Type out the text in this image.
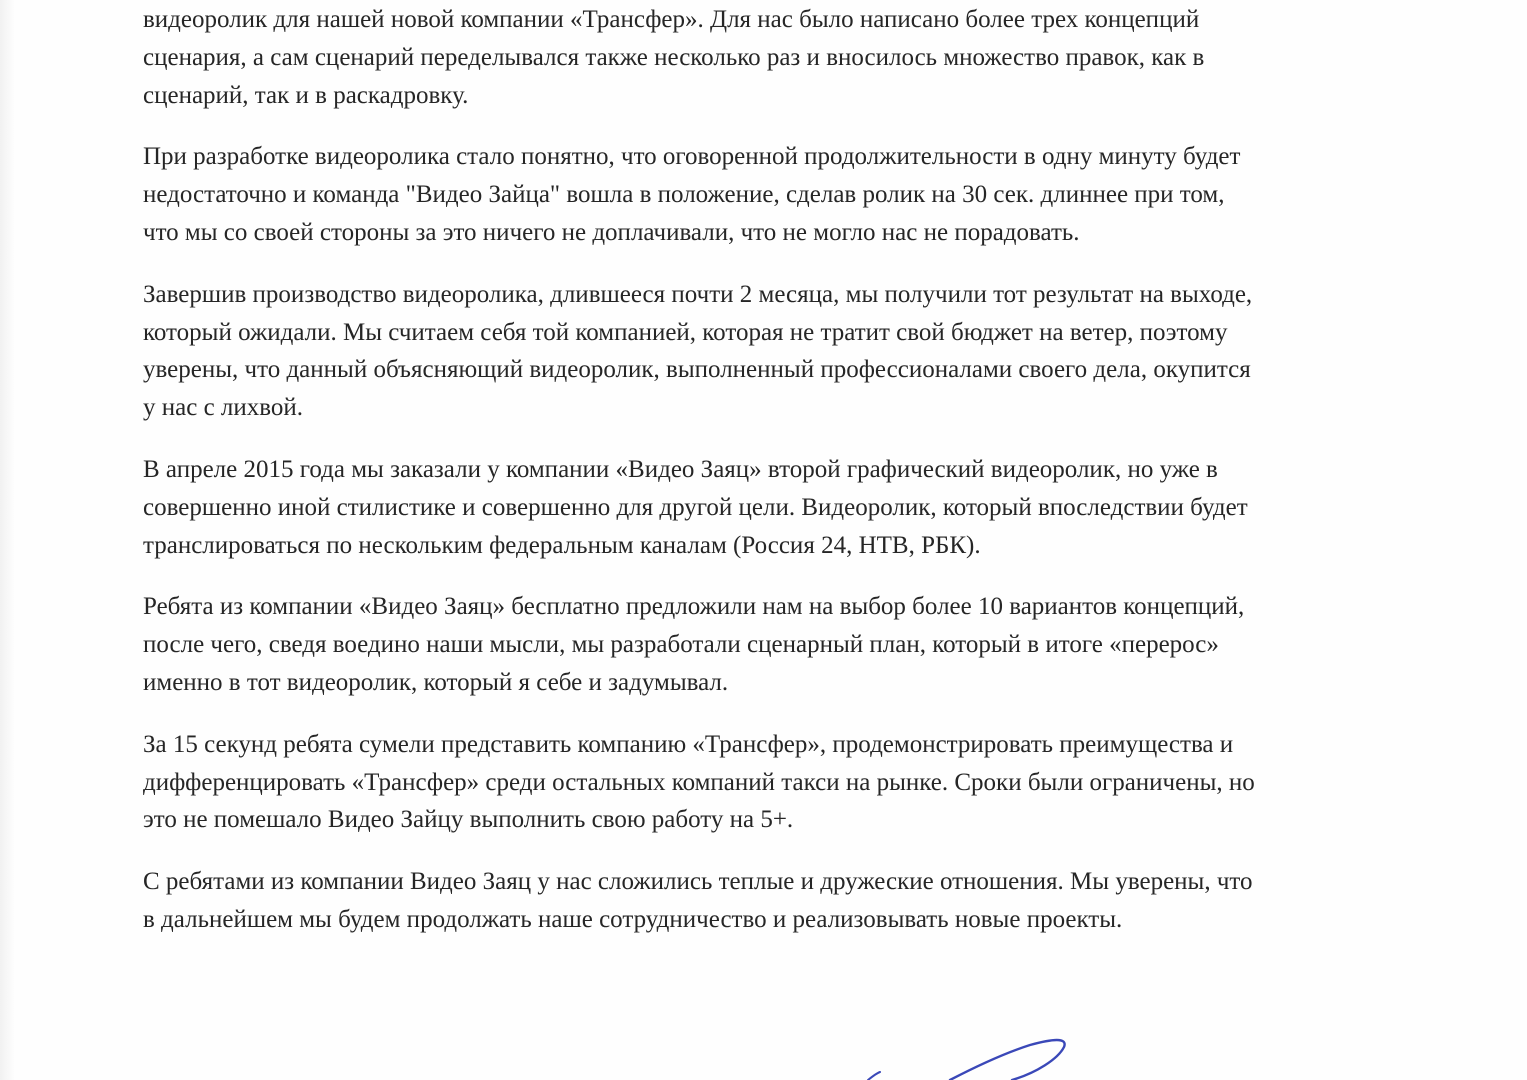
видеоролик для нашей новой компании «Трансфер». Для нас было написано более трех концепций
сценария, а сам сценарий переделывался также несколько раз и вносилось множество правок, как в
сценарий, так и в раскадровку.

При разработке видеоролика стало понятно, что оговоренной продолжительности в одну минуту будет
недостаточно и команда "Видео Зайца" вошла в положение, сделав ролик на 30 сек. длиннее при том,
что мы со своей стороны за это ничего не доплачивали, что не могло нас не порадовать.

Завершив производство видеоролика, длившееся почти 2 месяца, мы получили тот результат на выходе,
который ожидали. Мы считаем себя той компанией, которая не тратит свой бюджет на ветер, поэтому
уверены, что данный объясняющий видеоролик, выполненный профессионалами своего дела, окупится
у нас с лихвой.

В апреле 2015 года мы заказали у компании «Видео Заяц» второй графический видеоролик, но уже в
совершенно иной стилистике и совершенно для другой цели. Видеоролик, который впоследствии будет
транслироваться по нескольким федеральным каналам (Россия 24, НТВ, РБК).

Ребята из компании «Видео Заяц» бесплатно предложили нам на выбор более 10 вариантов концепций,
после чего, сведя воедино наши мысли, мы разработали сценарный план, который в итоге «перерос»
именно в тот видеоролик, который я себе и задумывал.

За 15 секунд ребята сумели представить компанию «Трансфер», продемонстрировать преимущества и
дифференцировать «Трансфер» среди остальных компаний такси на рынке. Сроки были ограничены, но
это не помешало Видео Зайцу выполнить свою работу на 5+.

С ребятами из компании Видео Заяц у нас сложились теплые и дружеские отношения. Мы уверены, что
в дальнейшем мы будем продолжать наше сотрудничество и реализовывать новые проекты.
